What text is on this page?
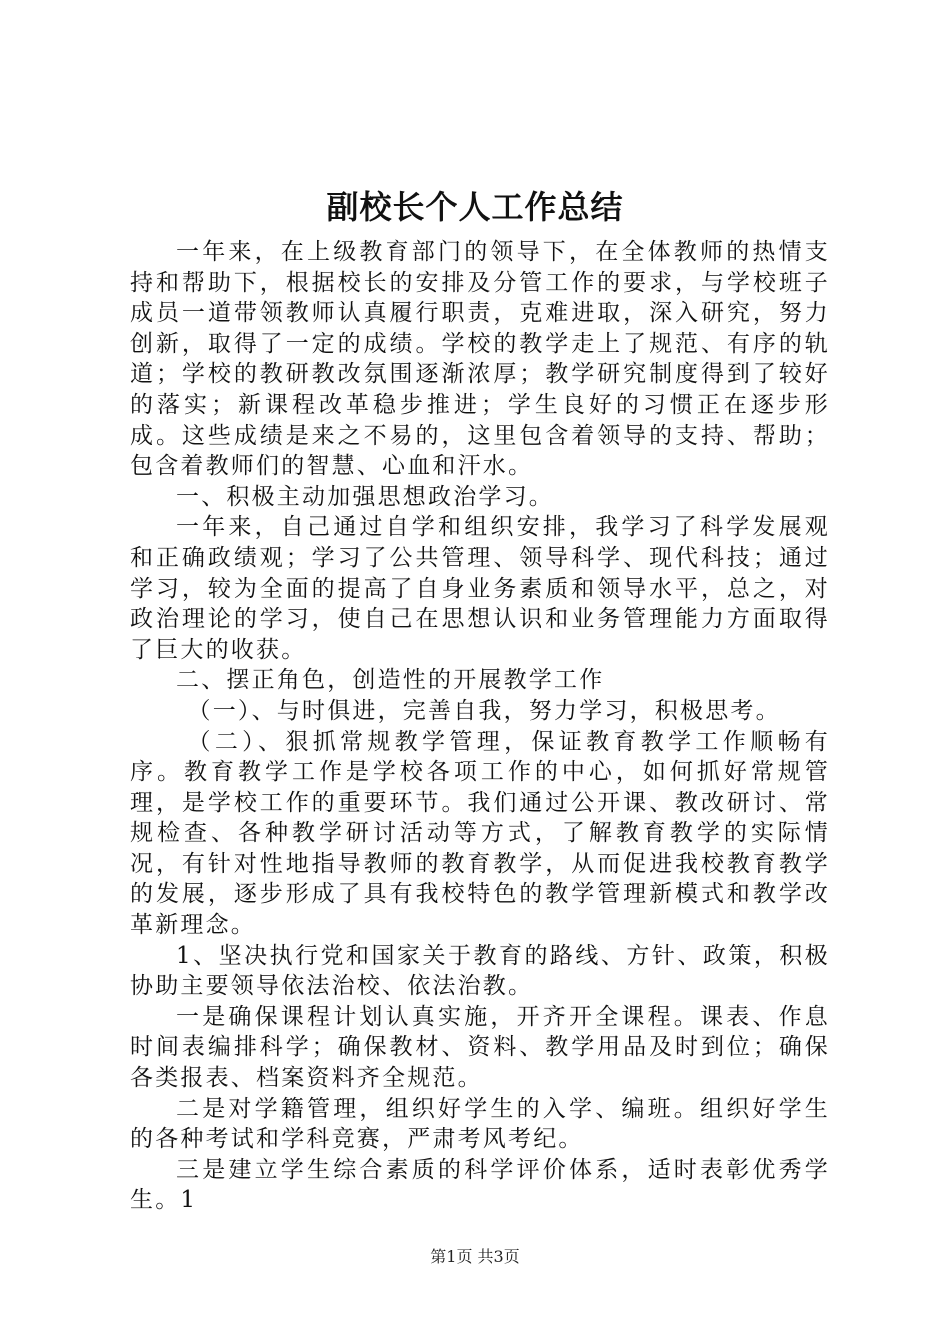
副校长个人工作总结

一年来，在上级教育部门的领导下，在全体教师的热情支持和帮助下，根据校长的安排及分管工作的要求，与学校班子成员一道带领教师认真履行职责，克难进取，深入研究，努力创新，取得了一定的成绩。学校的教学走上了规范、有序的轨道；学校的教研教改氛围逐渐浓厚；教学研究制度得到了较好的落实；新课程改革稳步推进；学生良好的习惯正在逐步形成。这些成绩是来之不易的，这里包含着领导的支持、帮助；包含着教师们的智慧、心血和汗水。

一、积极主动加强思想政治学习。

一年来，自己通过自学和组织安排，我学习了科学发展观和正确政绩观；学习了公共管理、领导科学、现代科技；通过学习，较为全面的提高了自身业务素质和领导水平，总之，对政治理论的学习，使自己在思想认识和业务管理能力方面取得了巨大的收获。

二、摆正角色，创造性的开展教学工作

（一）、与时俱进，完善自我，努力学习，积极思考。

（二）、狠抓常规教学管理，保证教育教学工作顺畅有序。教育教学工作是学校各项工作的中心，如何抓好常规管理，是学校工作的重要环节。我们通过公开课、教改研讨、常规检查、各种教学研讨活动等方式，了解教育教学的实际情况，有针对性地指导教师的教育教学，从而促进我校教育教学的发展，逐步形成了具有我校特色的教学管理新模式和教学改革新理念。

1、坚决执行党和国家关于教育的路线、方针、政策，积极协助主要领导依法治校、依法治教。

一是确保课程计划认真实施，开齐开全课程。课表、作息时间表编排科学；确保教材、资料、教学用品及时到位；确保各类报表、档案资料齐全规范。

二是对学籍管理，组织好学生的入学、编班。组织好学生的各种考试和学科竞赛，严肃考风考纪。

三是建立学生综合素质的科学评价体系，适时表彰优秀学生。1

第1页 共3页
